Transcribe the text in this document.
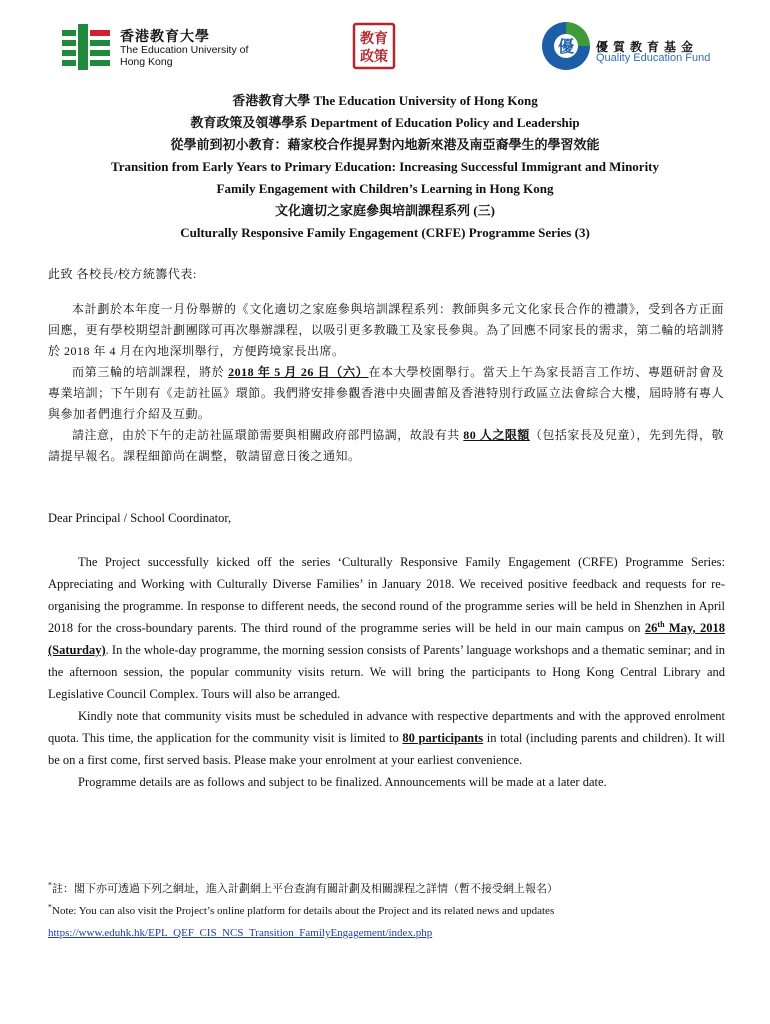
香港教育大學
The Education University of Hong Kong
教育
政策
優 優質教育基金
Quality Education Fund
香港教育大學 The Education University of Hong Kong
教育政策及領導學系 Department of Education Policy and Leadership
從學前到初小教育：藉家校合作提昇對內地新來港及南亞裔學生的學習效能
Transition from Early Years to Primary Education: Increasing Successful Immigrant and Minority
Family Engagement with Children’s Learning in Hong Kong
文化適切之家庭參與培訓課程系列 (三)
Culturally Responsive Family Engagement (CRFE) Programme Series (3)

此致 各校長/校方統籌代表:

本計劃於本年度一月份舉辦的《文化適切之家庭參與培訓課程系列：教師與多元文化家長合作的禮讚》，受到各方正面回應，更有學校期望計劃團隊可再次舉辦課程，以吸引更多教職工及家長參與。為了回應不同家長的需求，第二輪的培訓將於 2018 年 4 月在內地深圳舉行，方便跨境家長出席。

而第三輪的培訓課程，將於 2018 年 5 月 26 日（六）在本大學校園舉行。當天上午為家長語言工作坊、專題研討會及專業培訓；下午則有《走訪社區》環節。我們將安排參觀香港中央圖書館及香港特別行政區立法會綜合大樓，屆時將有專人與參加者們進行介紹及互動。

請注意，由於下午的走訪社區環節需要與相關政府部門協調，故設有共 80 人之限額（包括家長及兒童），先到先得，敬請提早報名。課程細節尚在調整，敬請留意日後之通知。

Dear Principal / School Coordinator,

The Project successfully kicked off the series ‘Culturally Responsive Family Engagement (CRFE) Programme Series: Appreciating and Working with Culturally Diverse Families’ in January 2018. We received positive feedback and requests for re-organising the programme. In response to different needs, the second round of the programme series will be held in Shenzhen in April 2018 for the cross-boundary parents. The third round of the programme series will be held in our main campus on 26th May, 2018 (Saturday). In the whole-day programme, the morning session consists of Parents’ language workshops and a thematic seminar; and in the afternoon session, the popular community visits return. We will bring the participants to Hong Kong Central Library and Legislative Council Complex. Tours will also be arranged.

Kindly note that community visits must be scheduled in advance with respective departments and with the approved enrolment quota. This time, the application for the community visit is limited to 80 participants in total (including parents and children). It will be on a first come, first served basis. Please make your enrolment at your earliest convenience.

Programme details are as follows and subject to be finalized. Announcements will be made at a later date.

*註：閣下亦可透過下列之網址，進入計劃網上平台查詢有關計劃及相關課程之詳情（暫不接受網上報名）
*Note: You can also visit the Project’s online platform for details about the Project and its related news and updates
https://www.eduhk.hk/EPL_QEF_CIS_NCS_Transition_FamilyEngagement/index.php
